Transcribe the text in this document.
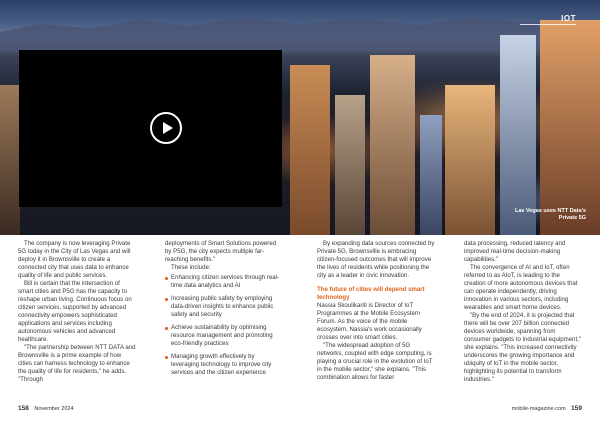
IOT
Las Vegas uses NTT Data's Private 5G

The company is now leveraging Private 5G today in the City of Las Vegas and will deploy it in Brownsville to create a connected city that uses data to enhance quality of life and public services.

Bill is certain that the intersection of smart cities and P5G has the capacity to reshape urban living. Continuous focus on citizen services, supported by advanced connectivity empowers sophisticated applications and services including autonomous vehicles and advanced healthcare.

"The partnership between NTT DATA and Brownsville is a prime example of how cities can harness technology to enhance the quality of life for residents," he adds. "Through

deployments of Smart Solutions powered by P5G, the city expects multiple far-reaching benefits."

These include:

Enhancing citizen services through real-time data analytics and AI
Increasing public safety by employing data-driven insights to enhance public safety and security
Achieve sustainability by optimising resource management and promoting eco-friendly practices
Managing growth effectively by leveraging technology to improve city services and the citizen experience

By expanding data sources connected by Private 5G, Brownsville is embracing citizen-focused outcomes that will improve the lives of residents while positioning the city as a leader in civic innovation.

The future of cities will depend smart technology

Nassia Skoulikariti is Director of IoT Programmes at the Mobile Ecosystem Forum. As the voice of the mobile ecosystem, Nassia's work occasionally crosses over into smart cities.

"The widespread adoption of 5G networks, coupled with edge computing, is playing a crucial role in the evolution of IoT in the mobile sector," she explains. "This combination allows for faster

data processing, reduced latency and improved real-time decision-making capabilities."

The convergence of AI and IoT, often referred to as AIoT, is leading to the creation of more autonomous devices that can operate independently, driving innovation in various sectors, including wearables and smart home devices.

"By the end of 2024, it is projected that there will be over 207 billion connected devices worldwide, spanning from consumer gadgets to industrial equipment," she explains. "This increased connectivity underscores the growing importance and ubiquity of IoT in the mobile sector, highlighting its potential to transform industries."

158 November 2024	mobile-magazine.com 159
